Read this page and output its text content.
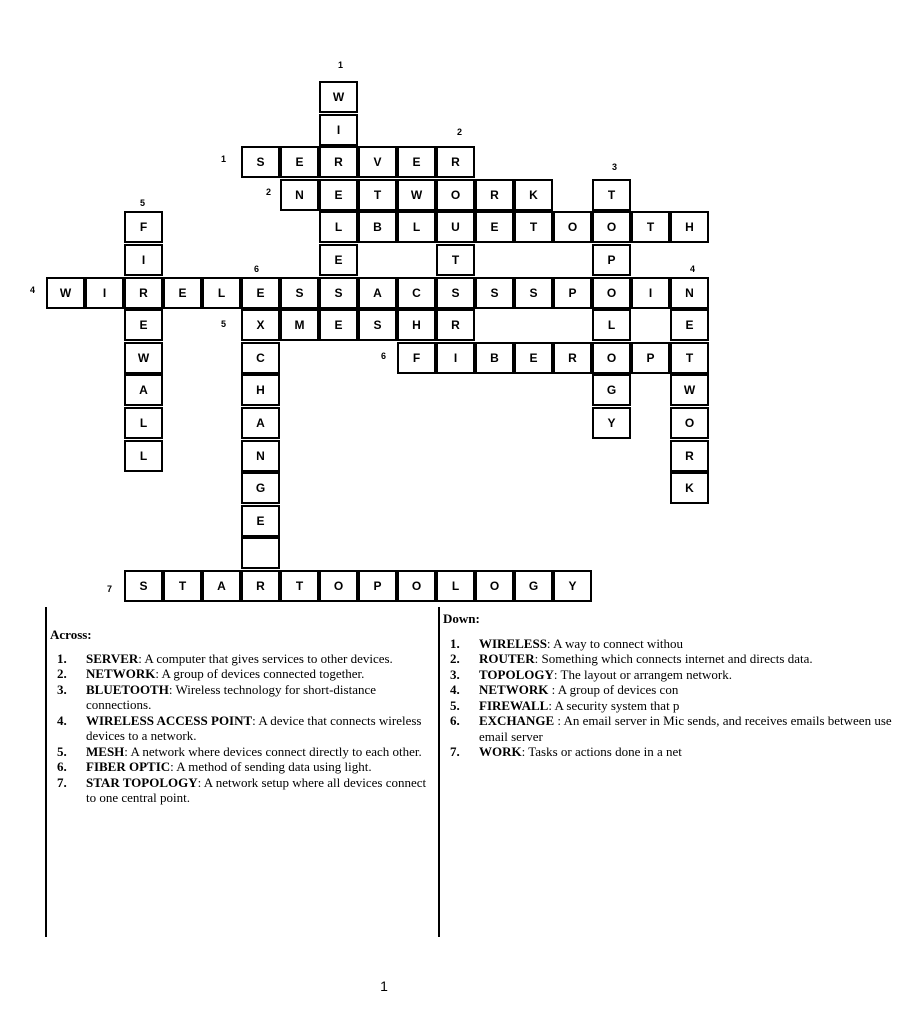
W
I
R
E
L
E
R
O
U
T
S
R
T
O
P
O
L
O
G
Y
N
E
T
W
O
R
K
F
I
R
E
W
A
L
L
E
X
C
H
A
N
G
E
S	E	V	E
N	T	W	R	K
B	L	E	T	O	T	H
W	I	E	L	S	S	A	C	S	S	P	I
M	E	S	H
F	I	B	E	R	P
S	T	A	R	T	O	P	O	L	O	G	Y
1
2
3
4
5
6
1
2
4
5
6
7
Across:
1. SERVER: A computer that gives services to other devices.
2. NETWORK: A group of devices connected together.
3. BLUETOOTH: Wireless technology for short-distance connections.
4. WIRELESS ACCESS POINT: A device that connects wireless devices to a network.
5. MESH: A network where devices connect directly to each other.
6. FIBER OPTIC: A method of sending data using light.
7. STAR TOPOLOGY: A network setup where all devices connect to one central point.
Down:
1. WIRELESS: A way to connect withou
2. ROUTER: Something which connects internet and directs data.
3. TOPOLOGY: The layout or arrangem network.
4. NETWORK : A group of devices con
5. FIREWALL: A security system that p
6. EXCHANGE : An email server in Mic sends, and receives emails between use email server
7. WORK: Tasks or actions done in a net
1
